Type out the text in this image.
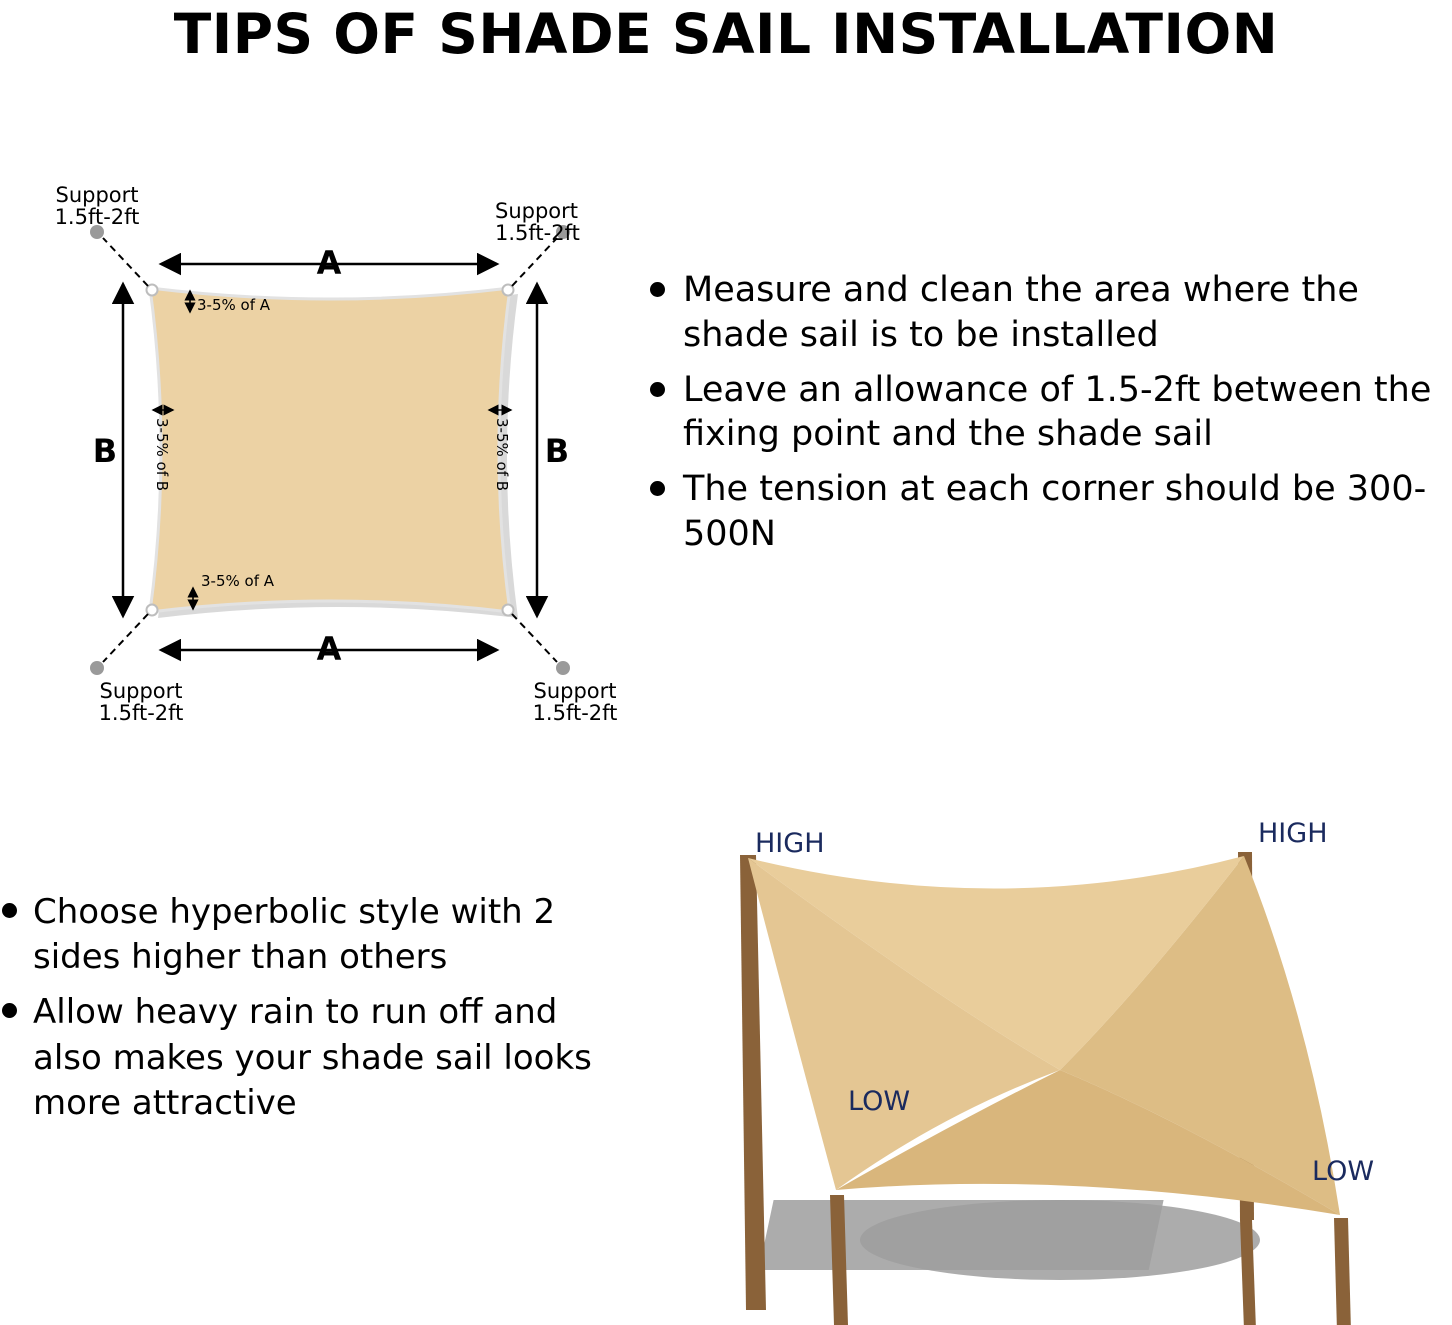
TIPS OF SHADE SAIL INSTALLATION
Support
1.5ft-2ft	Support
1.5ft-2ft
Support
1.5ft-2ft
Support
1.5ft-2ft
A
A
B	B
3-5% of A
3-5% of A
3-5% of B	3-5% of B
Measure and clean the area where the shade sail is to be installed
Leave an allowance of 1.5-2ft between the fixing point and the shade sail
The tension at each corner should be 300-500N
Choose hyperbolic style with 2 sides higher than others
Allow heavy rain to run off and also makes your shade sail looks more attractive
HIGH	HIGH
LOW
LOW
